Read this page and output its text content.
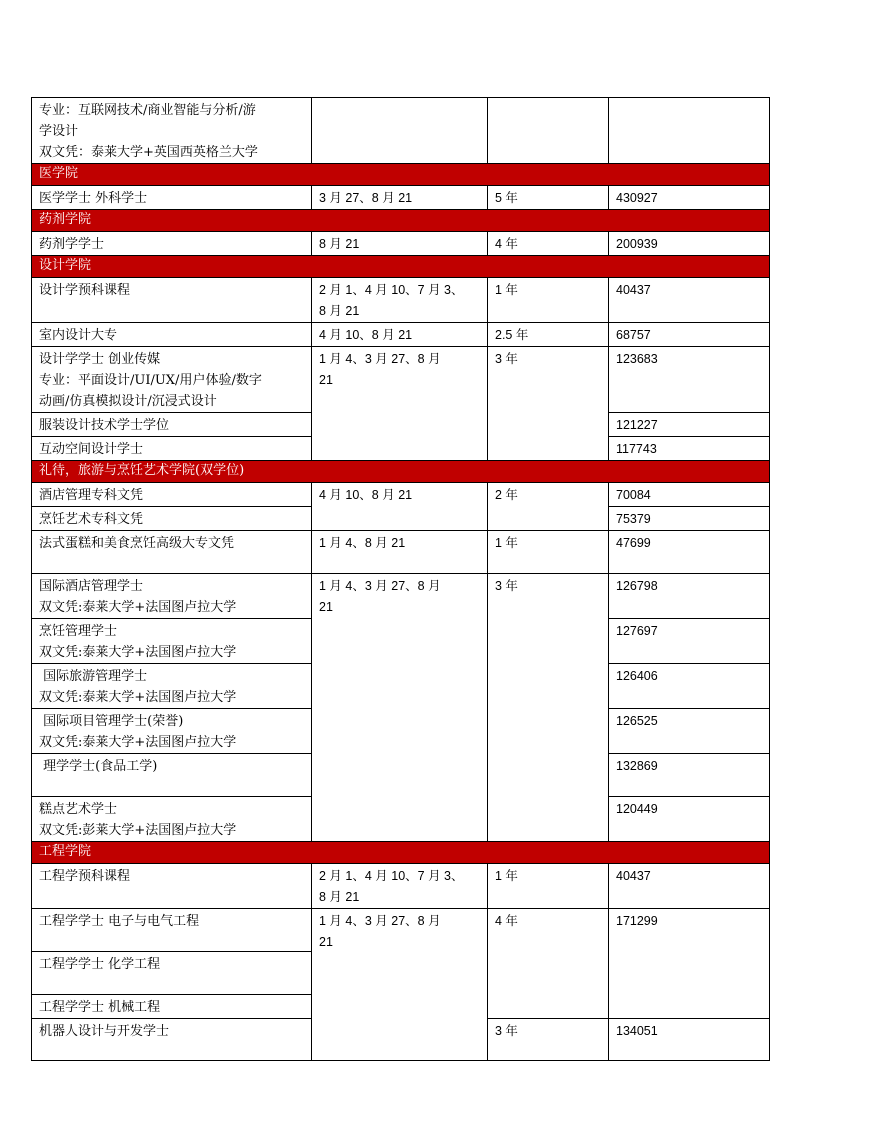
专业：互联网技术/商业智能与分析/游
学设计
双文凭：泰莱大学+英国西英格兰大学			

医学院			

医学学士 外科学士	3 月 27、8 月 21	5 年	430927
药剂学院			

药剂学学士	8 月 21	4 年	200939
设计学院			

设计学预科课程	2 月 1、4 月 10、7 月 3、
8 月 21	1 年	40437

室内设计大专	4 月 10、8 月 21	2.5 年	68757

设计学学士 创业传媒
专业：平面设计/UI/UX/用户体验/数字
动画/仿真模拟设计/沉浸式设计	1 月 4、3 月 27、8 月
21	3 年	123683

服装设计技术学士学位			121227

互动空间设计学士			117743
礼待，旅游与烹饪艺术学院(双学位)			

酒店管理专科文凭	4 月 10、8 月 21	2 年	70084

烹饪艺术专科文凭			75379

法式蛋糕和美食烹饪高级大专文凭	1 月 4、8 月 21	1 年	47699

国际酒店管理学士
双文凭:泰莱大学+法国图卢拉大学	1 月 4、3 月 27、8 月
21	3 年	126798

烹饪管理学士
双文凭:泰莱大学+法国图卢拉大学			127697

国际旅游管理学士
双文凭:泰莱大学+法国图卢拉大学			126406

国际项目管理学士(荣誉)
双文凭:泰莱大学+法国图卢拉大学			126525

理学学士(食品工学)			132869

糕点艺术学士
双文凭:彭莱大学+法国图卢拉大学			120449
工程学院			

工程学预科课程	2 月 1、4 月 10、7 月 3、
8 月 21	1 年	40437

工程学学士 电子与电气工程	1 月 4、3 月 27、8 月
21	4 年	171299

工程学学士 化学工程			

工程学学士 机械工程			

机器人设计与开发学士		3 年	134051
